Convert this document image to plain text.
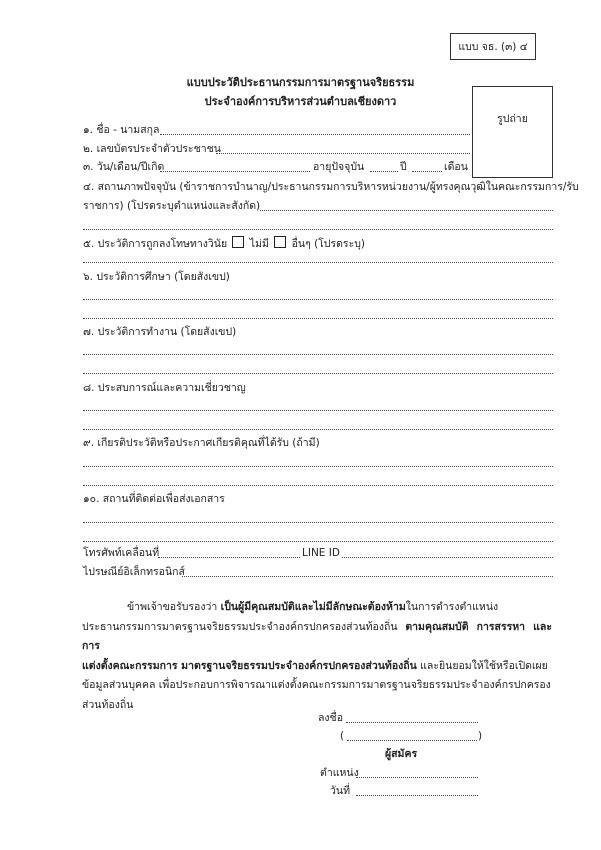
แบบ จธ. (๓) ๔
แบบประวัติประธานกรรมการมาตรฐานจริยธรรม
ประจำองค์การบริหารส่วนตำบลเชียงดาว
รูปถ่าย
๑. ชื่อ - นามสกุล
๒. เลขบัตรประจำตัวประชาชน
๓. วัน/เดือน/ปีเกิด	อายุปัจจุบัน	ปี	เดือน
๔. สถานภาพปัจจุบัน (ข้าราชการบำนาญ/ประธานกรรมการบริหารหน่วยงาน/ผู้ทรงคุณวุฒิในคณะกรรมการ/รับ
ราชการ) (โปรดระบุตำแหน่งและสังกัด)
๕. ประวัติการถูกลงโทษทางวินัย ไม่มี อื่นๆ (โปรดระบุ)
๖. ประวัติการศึกษา (โดยสังเขป)
๗. ประวัติการทำงาน (โดยสังเขป)
๘. ประสบการณ์และความเชี่ยวชาญ
๙. เกียรติประวัติหรือประกาศเกียรติคุณที่ได้รับ (ถ้ามี)
๑๐. สถานที่ติดต่อเพื่อส่งเอกสาร
โทรศัพท์เคลื่อนที่	LINE ID
ไปรษณีย์อิเล็กทรอนิกส์
ข้าพเจ้าขอรับรองว่า เป็นผู้มีคุณสมบัติและไม่มีลักษณะต้องห้ามในการดำรงตำแหน่ง
ประธานกรรมการมาตรฐานจริยธรรมประจำองค์กรปกครองส่วนท้องถิ่น ตามคุณสมบัติ การสรรหา และการ
แต่งตั้งคณะกรรมการ มาตรฐานจริยธรรมประจำองค์กรปกครองส่วนท้องถิ่น และยินยอมให้ใช้หรือเปิดเผย
ข้อมูลส่วนบุคคล เพื่อประกอบการพิจารณาแต่งตั้งคณะกรรมการมาตรฐานจริยธรรมประจำองค์กรปกครอง
ส่วนท้องถิ่น
ลงชื่อ
(	)
ผู้สมัคร
ตำแหน่ง
วันที่
